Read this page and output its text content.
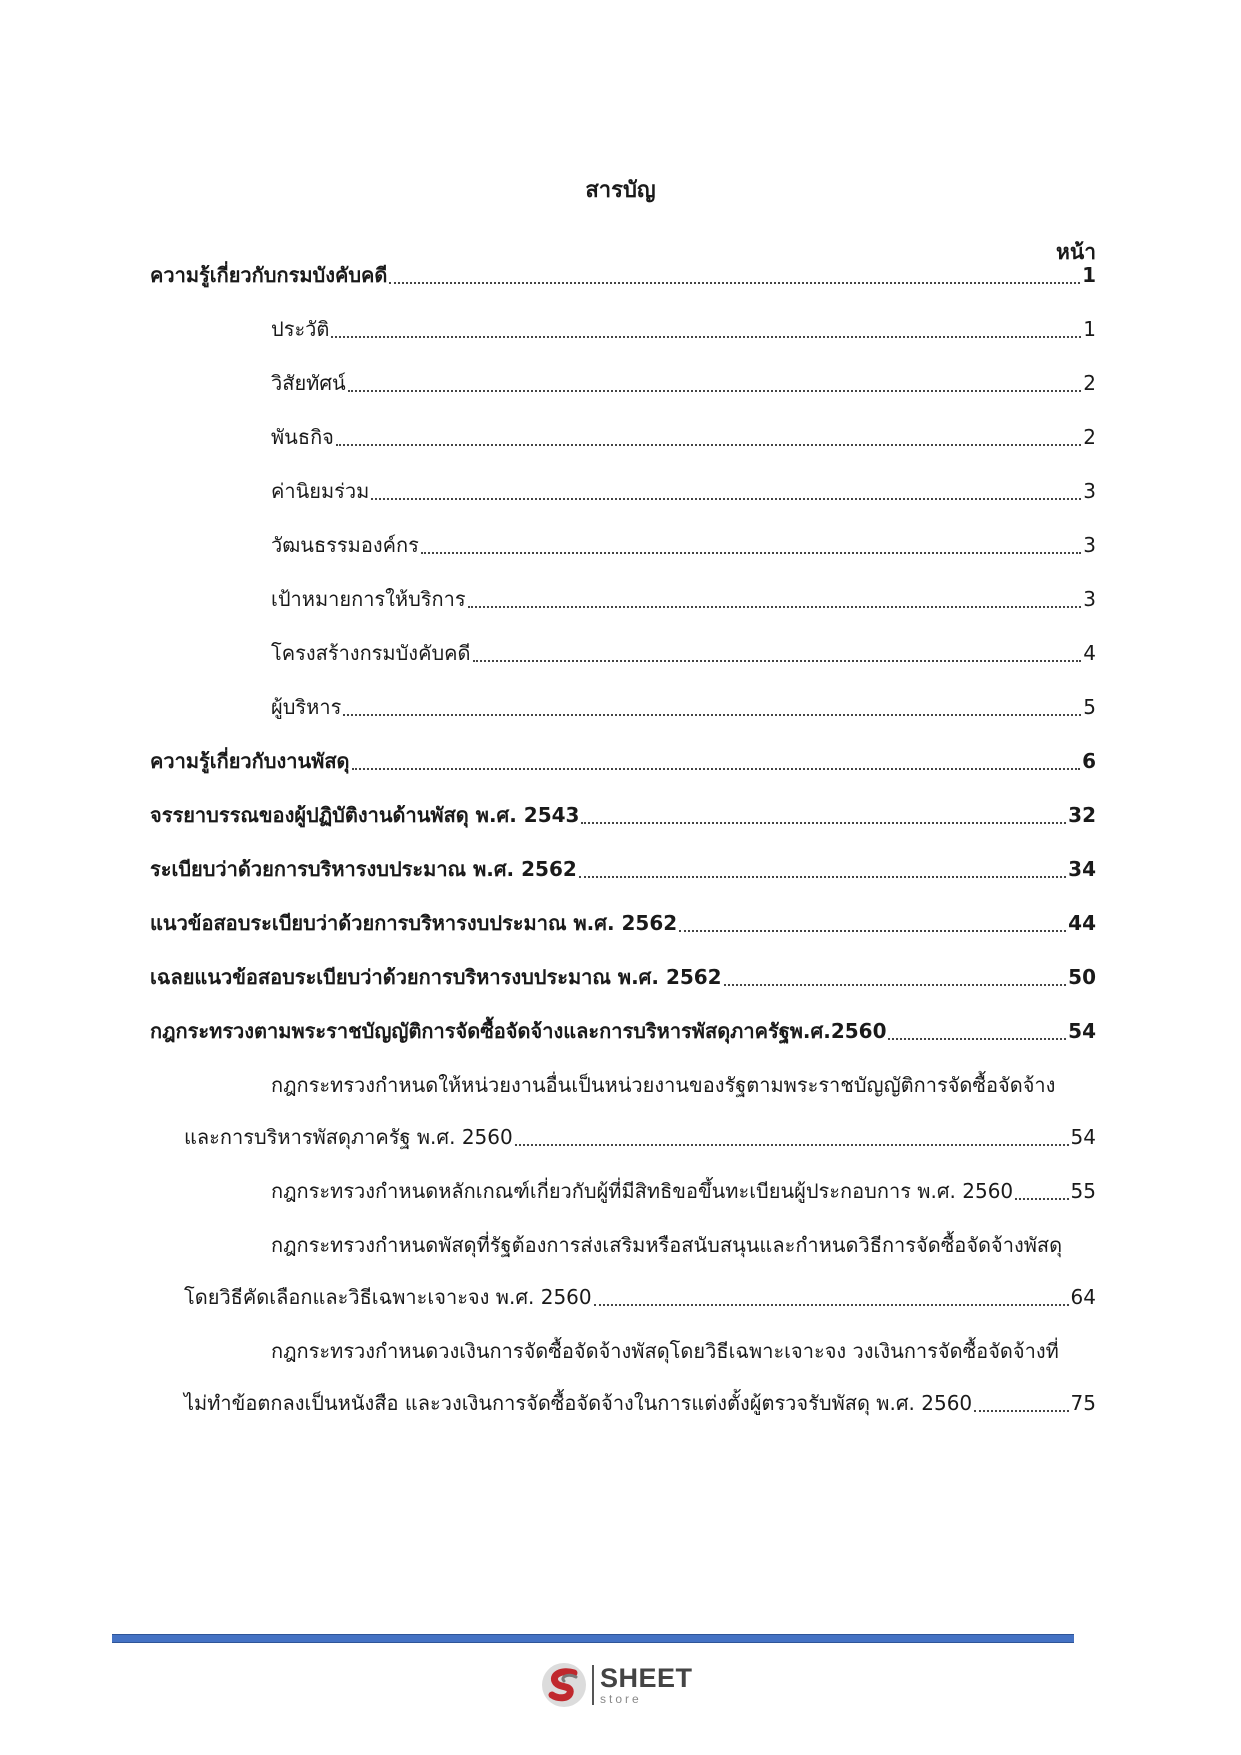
สารบัญ
หน้า
ความรู้เกี่ยวกับกรมบังคับคดี	1
ประวัติ	1
วิสัยทัศน์	2
พันธกิจ	2
ค่านิยมร่วม	3
วัฒนธรรมองค์กร	3
เป้าหมายการให้บริการ	3
โครงสร้างกรมบังคับคดี	4
ผู้บริหาร	5
ความรู้เกี่ยวกับงานพัสดุ	6
จรรยาบรรณของผู้ปฏิบัติงานด้านพัสดุ พ.ศ. 2543	32
ระเบียบว่าด้วยการบริหารงบประมาณ พ.ศ. 2562	34
แนวข้อสอบระเบียบว่าด้วยการบริหารงบประมาณ พ.ศ. 2562	44
เฉลยแนวข้อสอบระเบียบว่าด้วยการบริหารงบประมาณ พ.ศ. 2562	50
กฎกระทรวงตามพระราชบัญญัติการจัดซื้อจัดจ้างและการบริหารพัสดุภาครัฐพ.ศ.2560	54
กฎกระทรวงกำหนดให้หน่วยงานอื่นเป็นหน่วยงานของรัฐตามพระราชบัญญัติการจัดซื้อจัดจ้าง
และการบริหารพัสดุภาครัฐ พ.ศ. 2560	54
กฎกระทรวงกำหนดหลักเกณฑ์เกี่ยวกับผู้ที่มีสิทธิขอขึ้นทะเบียนผู้ประกอบการ พ.ศ. 2560	55
กฎกระทรวงกำหนดพัสดุที่รัฐต้องการส่งเสริมหรือสนับสนุนและกำหนดวิธีการจัดซื้อจัดจ้างพัสดุ
โดยวิธีคัดเลือกและวิธีเฉพาะเจาะจง พ.ศ. 2560	64
กฎกระทรวงกำหนดวงเงินการจัดซื้อจัดจ้างพัสดุโดยวิธีเฉพาะเจาะจง วงเงินการจัดซื้อจัดจ้างที่
ไม่ทำข้อตกลงเป็นหนังสือ และวงเงินการจัดซื้อจัดจ้างในการแต่งตั้งผู้ตรวจรับพัสดุ พ.ศ. 2560	75
SHEET
store
